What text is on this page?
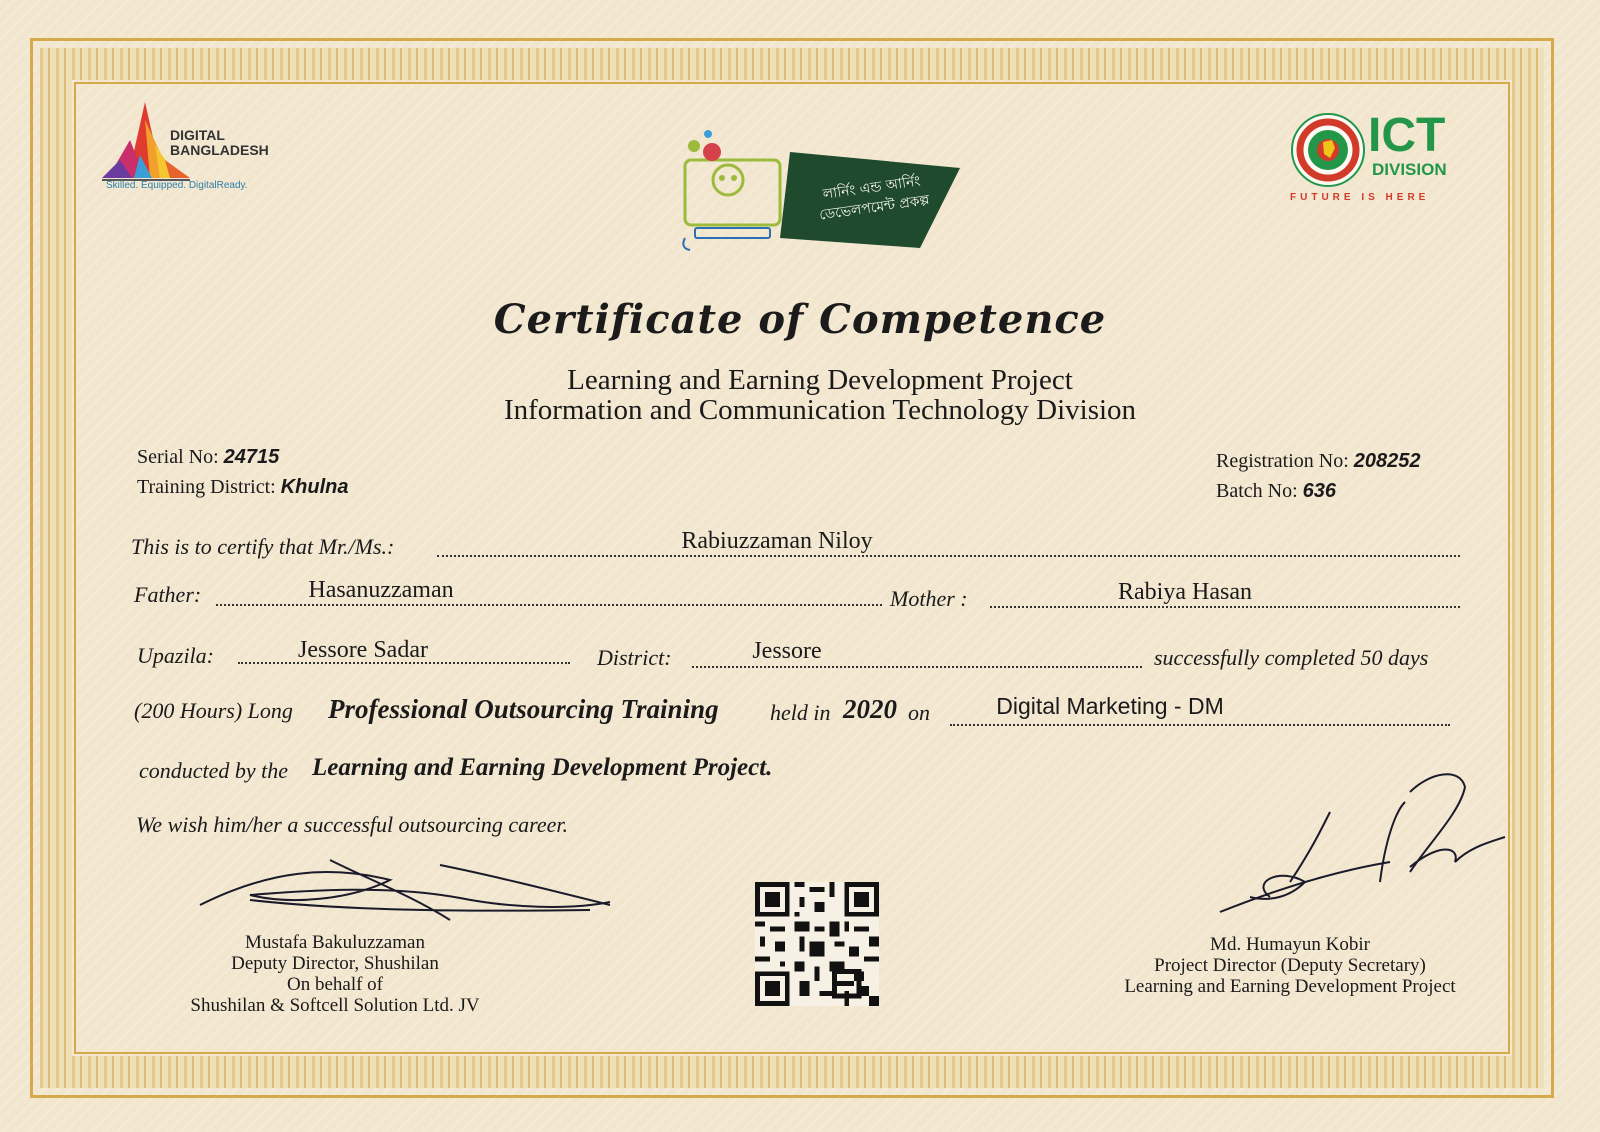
DIGITAL BANGLADESH
Skilled. Equipped. DigitalReady.	লার্নিং এন্ড আর্নিং ডেভেলপমেন্ট প্রকল্প
ICT
DIVISION
FUTURE IS HERE
Certificate of Competence
Learning and Earning Development Project
Information and Communication Technology Division
Serial No: 24715
Training District: Khulna
Registration No: 208252
Batch No: 636
This is to certify that Mr./Ms.:	Rabiuzzaman Niloy
Father:	Hasanuzzaman	Mother :	Rabiya Hasan
Upazila:	Jessore Sadar	District:	Jessore	successfully completed 50 days
(200 Hours) Long Professional Outsourcing Training held in 2020 on	Digital Marketing - DM
conducted by the Learning and Earning Development Project.
We wish him/her a successful outsourcing career.
Mustafa Bakuluzzaman
Deputy Director, Shushilan
On behalf of
Shushilan & Softcell Solution Ltd. JV
Md. Humayun Kobir
Project Director (Deputy Secretary)
Learning and Earning Development Project
